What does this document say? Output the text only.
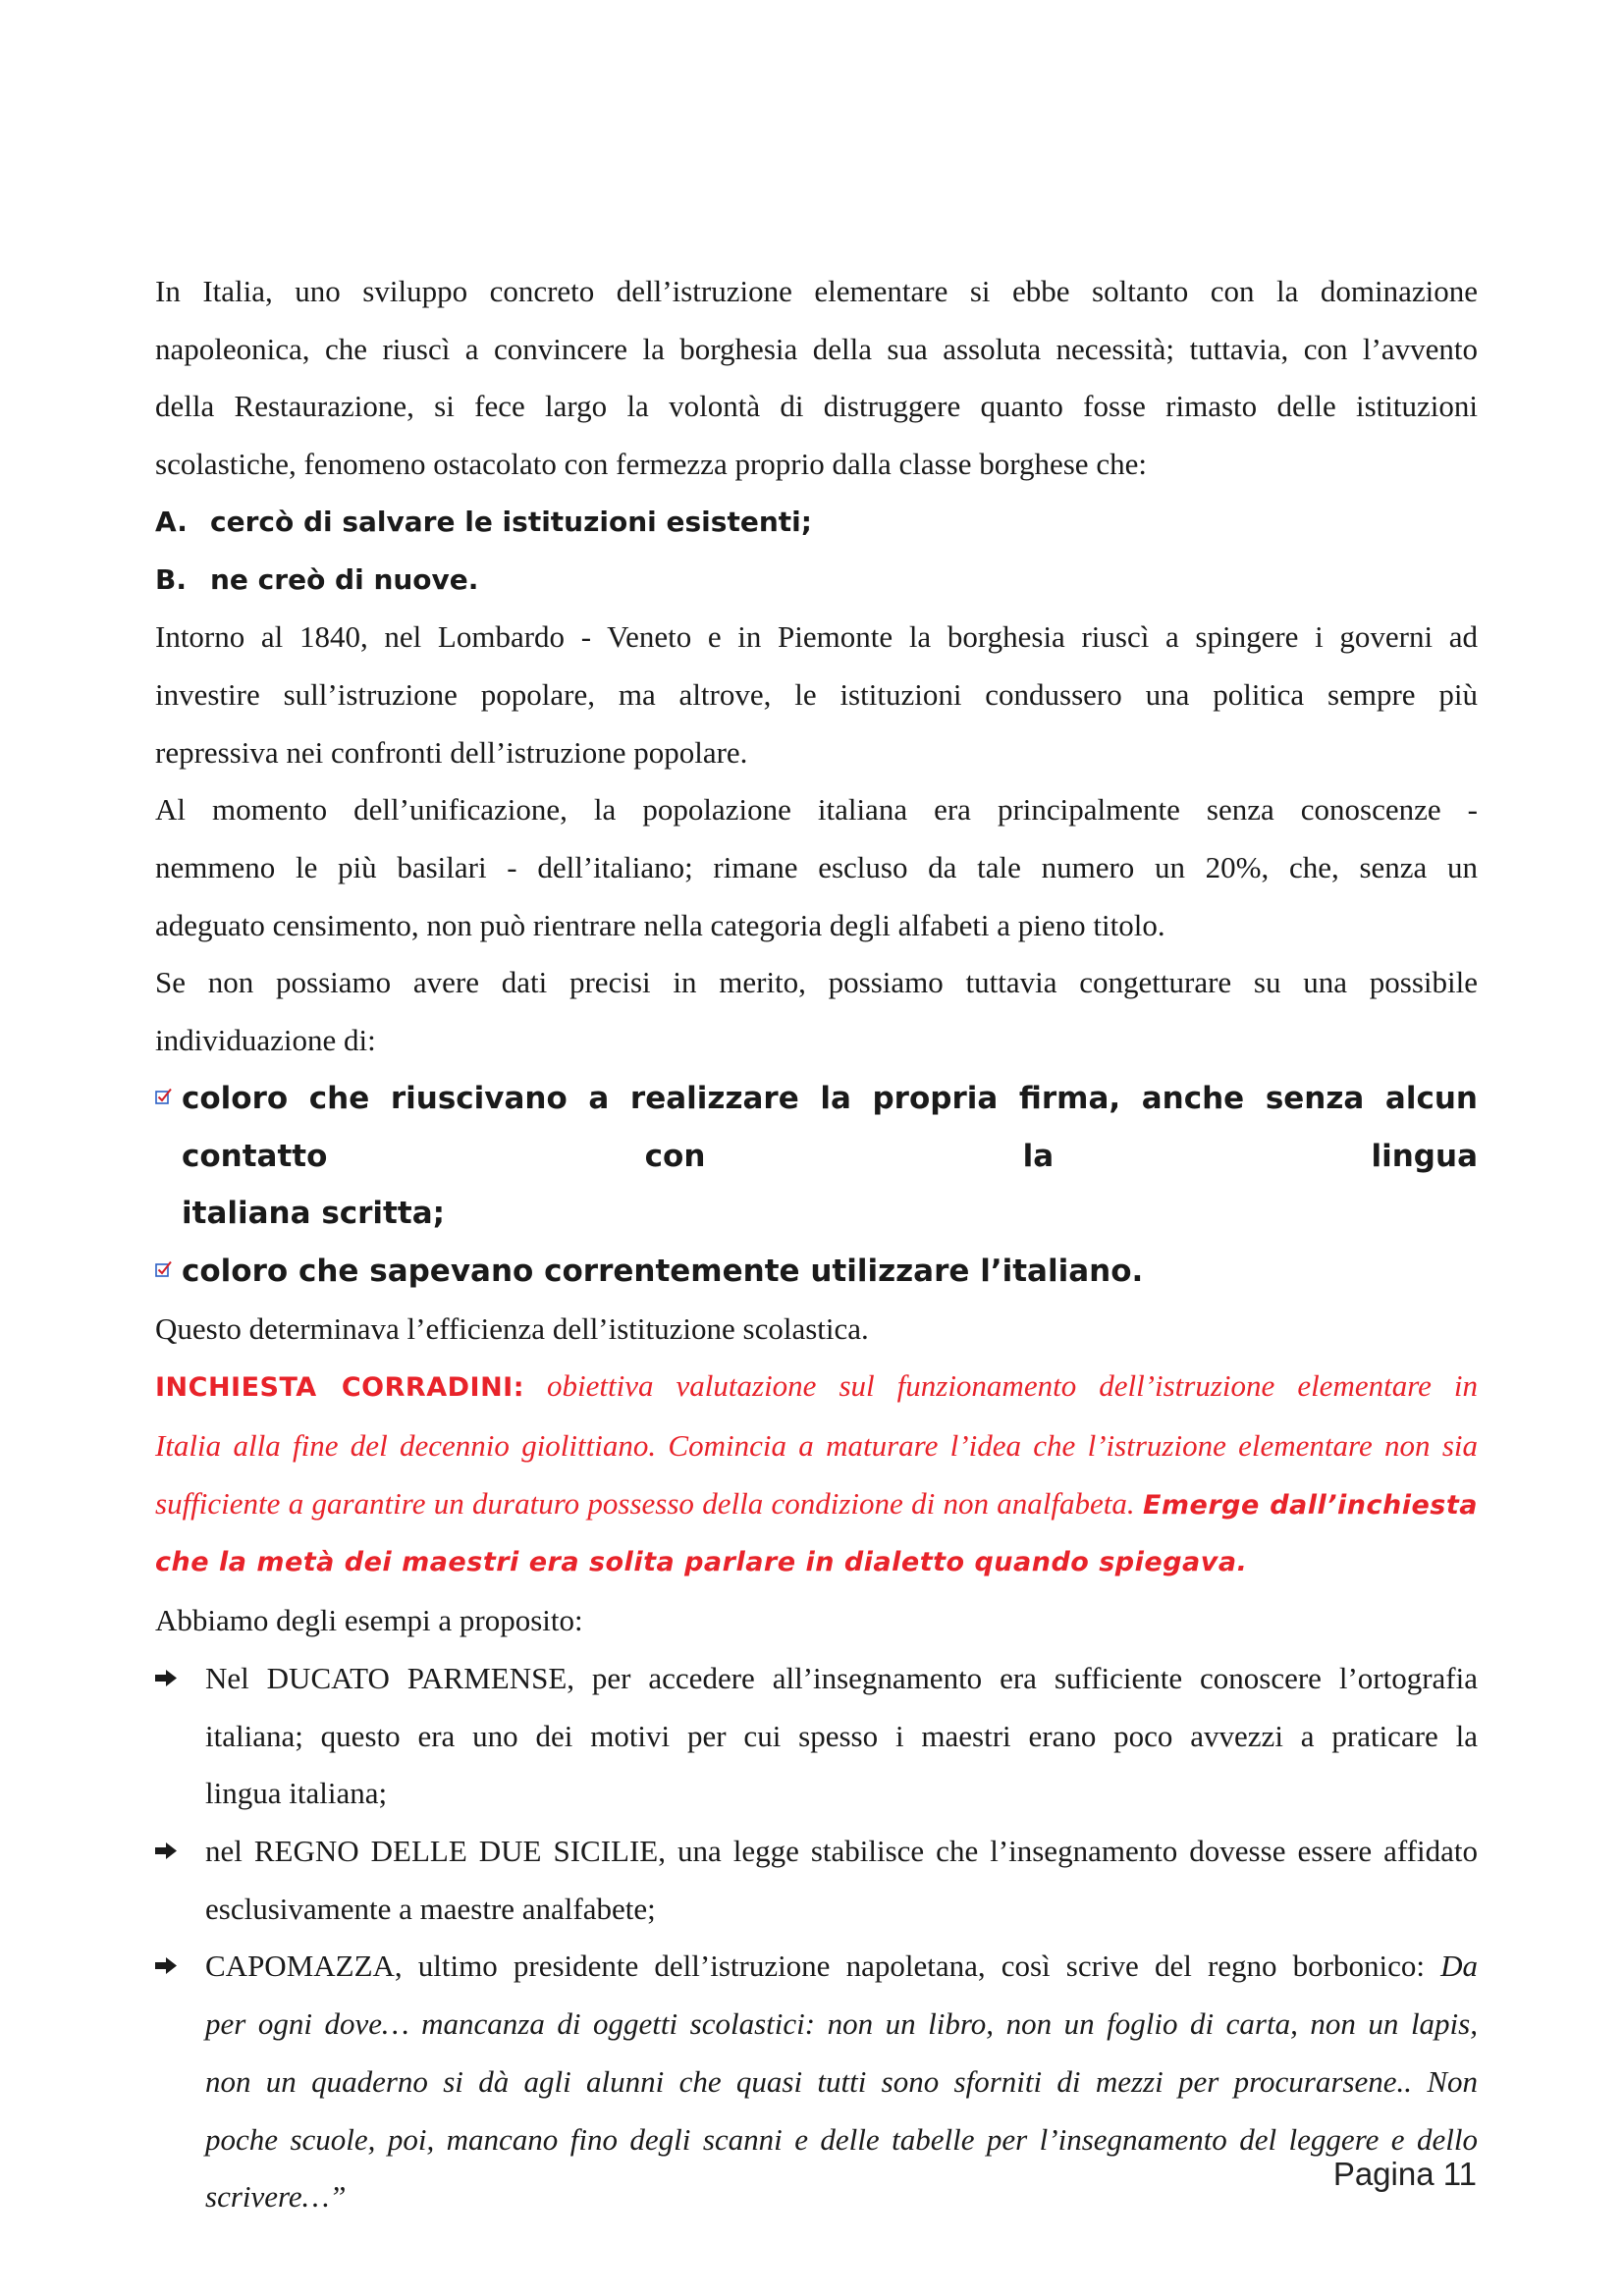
In Italia, uno sviluppo concreto dell’istruzione elementare si ebbe soltanto con la dominazione

napoleonica, che riuscì a convincere la borghesia della sua assoluta necessità; tuttavia, con l’avvento

della Restaurazione, si fece largo la volontà di distruggere quanto fosse rimasto delle istituzioni

scolastiche, fenomeno ostacolato con fermezza proprio dalla classe borghese che:

A. cercò di salvare le istituzioni esistenti;
B. ne creò di nuove.

Intorno al 1840, nel Lombardo - Veneto e in Piemonte la borghesia riuscì a spingere i governi ad

investire sull’istruzione popolare, ma altrove, le istituzioni condussero una politica sempre più

repressiva nei confronti dell’istruzione popolare.

Al momento dell’unificazione, la popolazione italiana era principalmente senza conoscenze -

nemmeno le più basilari - dell’italiano; rimane escluso da tale numero un 20%, che, senza un

adeguato censimento, non può rientrare nella categoria degli alfabeti a pieno titolo.

Se non possiamo avere dati precisi in merito, possiamo tuttavia congetturare su una possibile

individuazione di:

coloro che riuscivano a realizzare la propria firma, anche senza alcun contatto con la lingua

italiana scritta;

coloro che sapevano correntemente utilizzare l’italiano.

Questo determinava l’efficienza dell’istituzione scolastica.

INCHIESTA CORRADINI: obiettiva valutazione sul funzionamento dell’istruzione elementare in

Italia alla fine del decennio giolittiano. Comincia a maturare l’idea che l’istruzione elementare non sia

sufficiente a garantire un duraturo possesso della condizione di non analfabeta. Emerge dall’inchiesta

che la metà dei maestri era solita parlare in dialetto quando spiegava.

Abbiamo degli esempi a proposito:

Nel DUCATO PARMENSE, per accedere all’insegnamento era sufficiente conoscere l’ortografia

italiana; questo era uno dei motivi per cui spesso i maestri erano poco avvezzi a praticare la

lingua italiana;

nel REGNO DELLE DUE SICILIE, una legge stabilisce che l’insegnamento dovesse essere affidato

esclusivamente a maestre analfabete;

CAPOMAZZA, ultimo presidente dell’istruzione napoletana, così scrive del regno borbonico: Da

per ogni dove… mancanza di oggetti scolastici: non un libro, non un foglio di carta, non un lapis,

non un quaderno si dà agli alunni che quasi tutti sono sforniti di mezzi per procurarsene.. Non

poche scuole, poi, mancano fino degli scanni e delle tabelle per l’insegnamento del leggere e dello

scrivere…”

Pagina 11
